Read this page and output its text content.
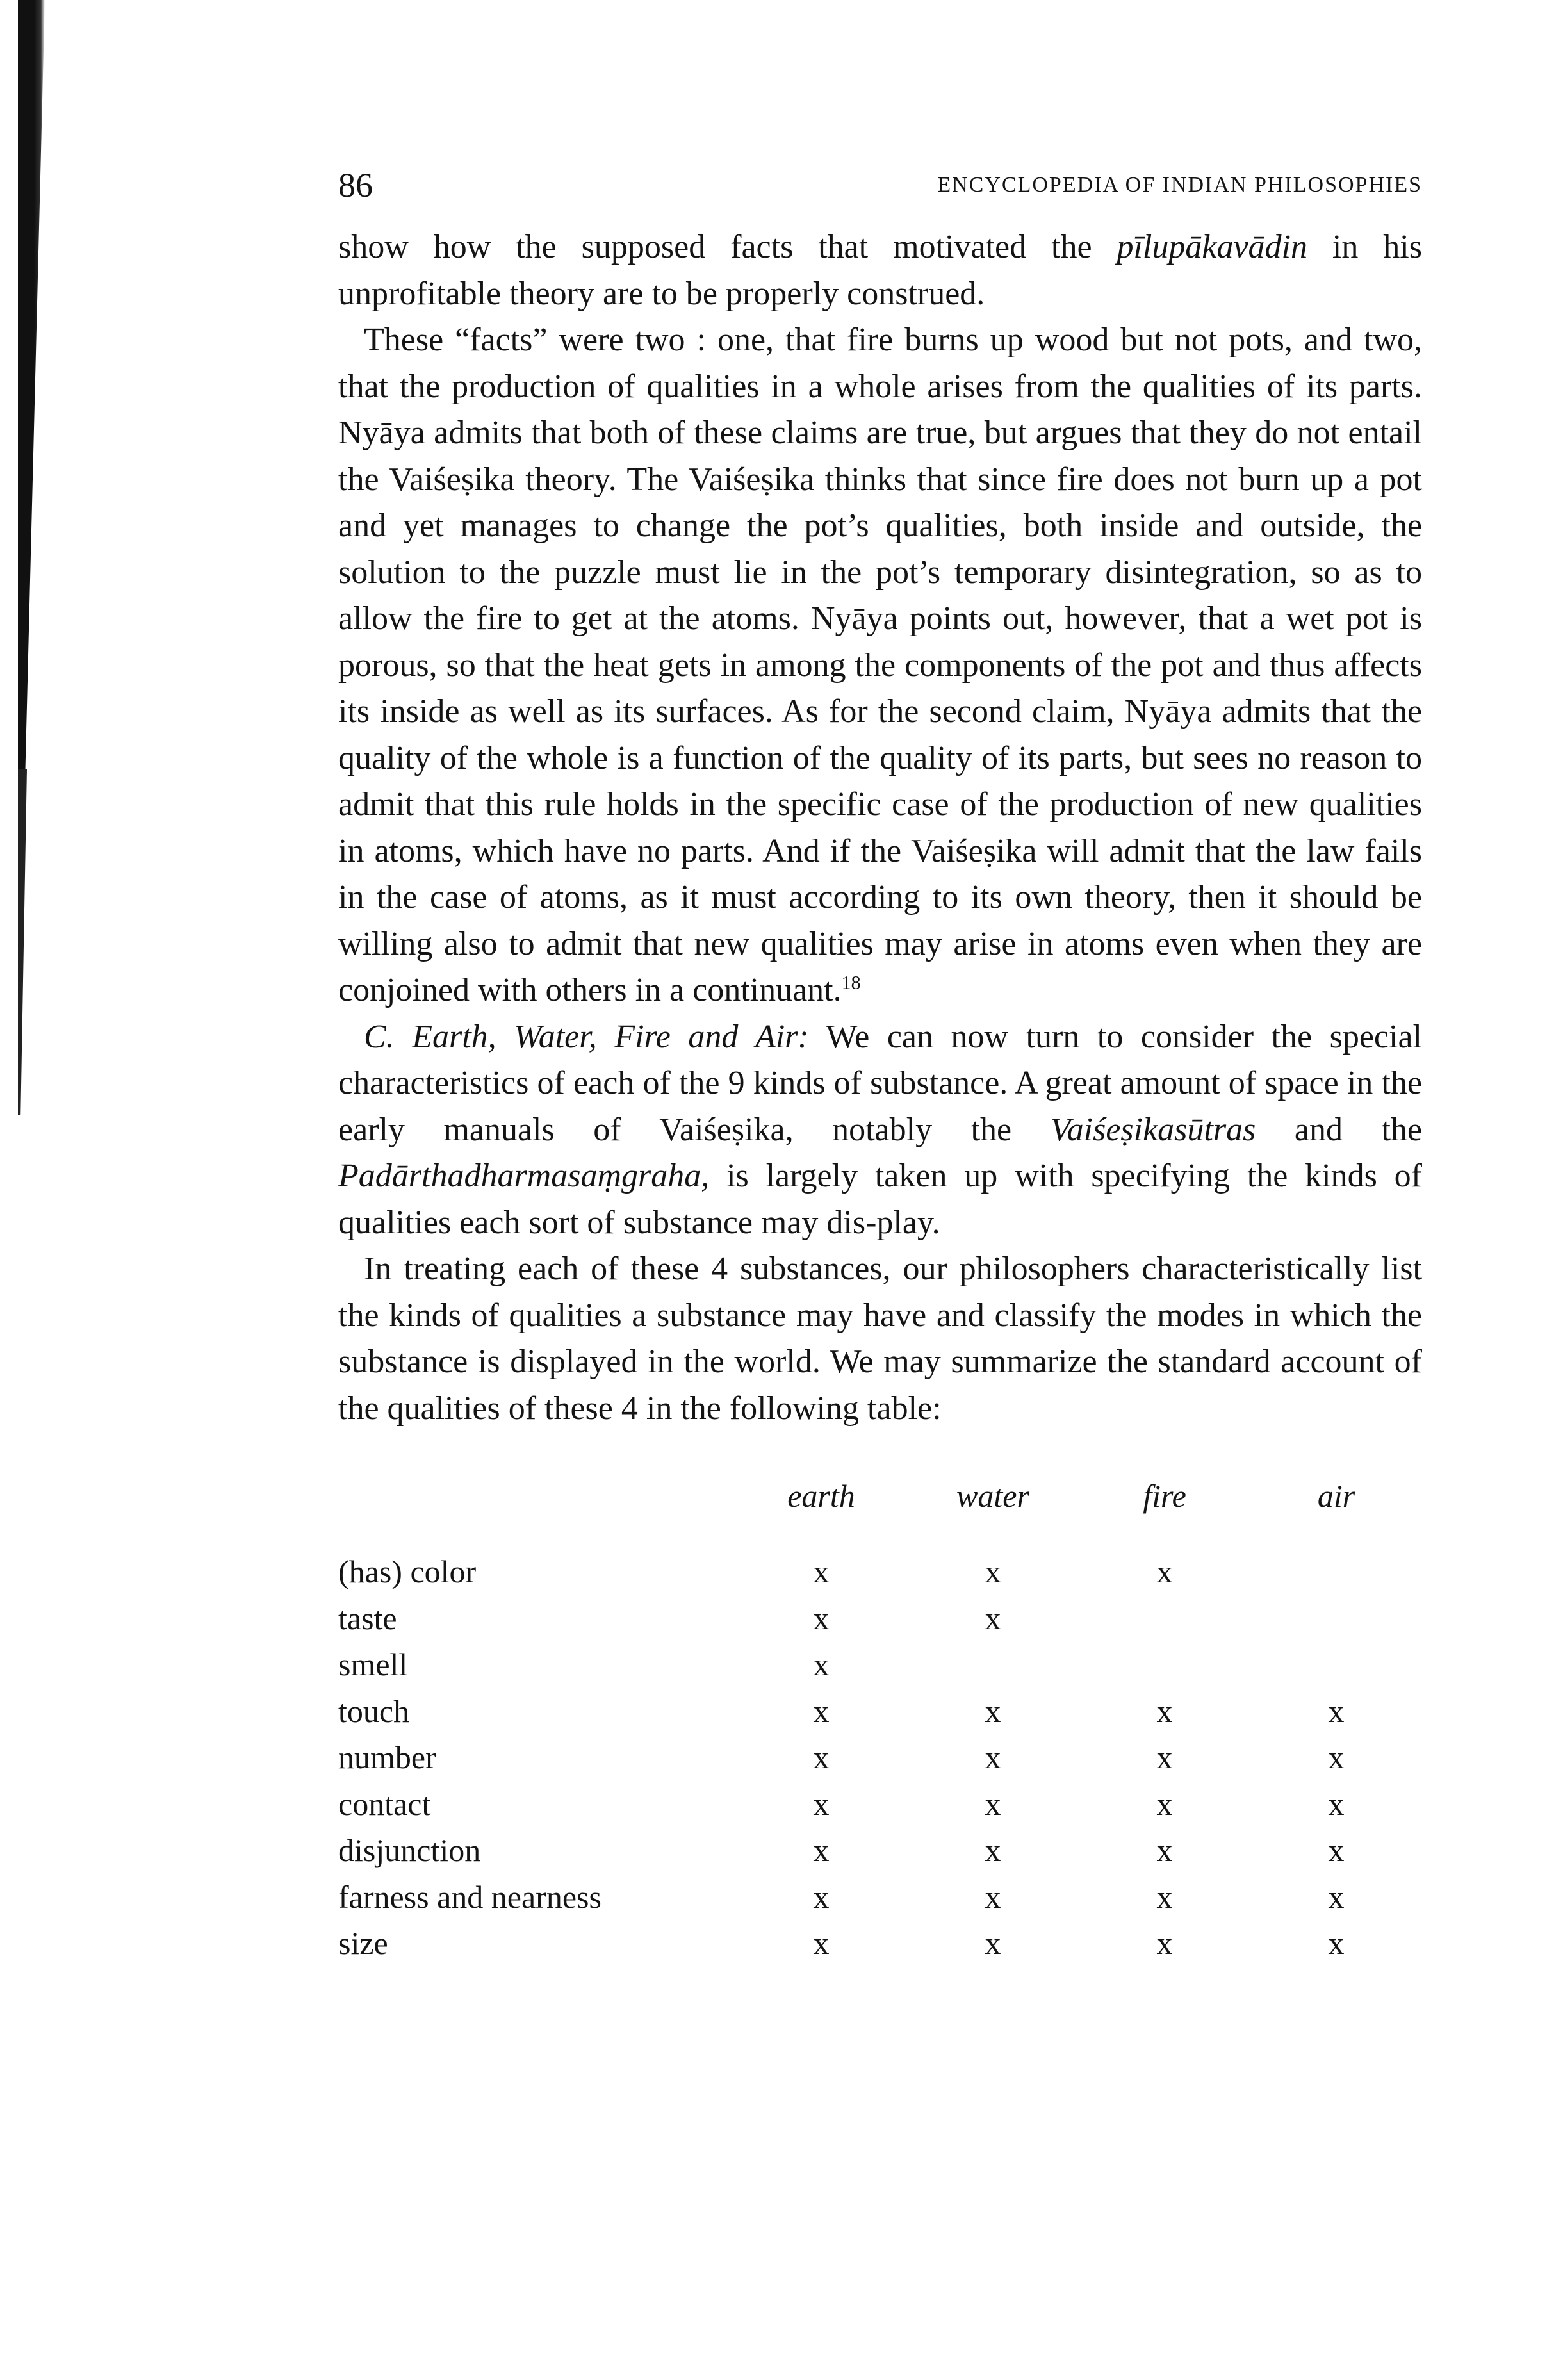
86	ENCYCLOPEDIA OF INDIAN PHILOSOPHIES

show how the supposed facts that motivated the pīlupākavādin in his unprofitable theory are to be properly construed.

These “facts” were two : one, that fire burns up wood but not pots, and two, that the production of qualities in a whole arises from the qualities of its parts. Nyāya admits that both of these claims are true, but argues that they do not entail the Vaiśeṣika theory. The Vaiśeṣika thinks that since fire does not burn up a pot and yet manages to change the pot’s qualities, both inside and outside, the solution to the puzzle must lie in the pot’s temporary disintegration, so as to allow the fire to get at the atoms. Nyāya points out, however, that a wet pot is porous, so that the heat gets in among the components of the pot and thus affects its inside as well as its surfaces. As for the second claim, Nyāya admits that the quality of the whole is a function of the quality of its parts, but sees no reason to admit that this rule holds in the specific case of the production of new qualities in atoms, which have no parts. And if the Vaiśeṣika will admit that the law fails in the case of atoms, as it must according to its own theory, then it should be willing also to admit that new qualities may arise in atoms even when they are conjoined with others in a continuant.$^{18}$

C. Earth, Water, Fire and Air: We can now turn to consider the special characteristics of each of the 9 kinds of substance. A great amount of space in the early manuals of Vaiśeṣika, notably the Vaiśeṣikasūtras and the Padārthadharmasaṃgraha, is largely taken up with specifying the kinds of qualities each sort of substance may dis-play.

In treating each of these 4 substances, our philosophers characteristically list the kinds of qualities a substance may have and classify the modes in which the substance is displayed in the world. We may summarize the standard account of the qualities of these 4 in the following table:

	earth	water	fire	air
(has) color	x	x	x	
taste	x	x		
smell	x			
touch	x	x	x	x
number	x	x	x	x
contact	x	x	x	x
disjunction	x	x	x	x
farness and nearness	x	x	x	x
size	x	x	x	x
